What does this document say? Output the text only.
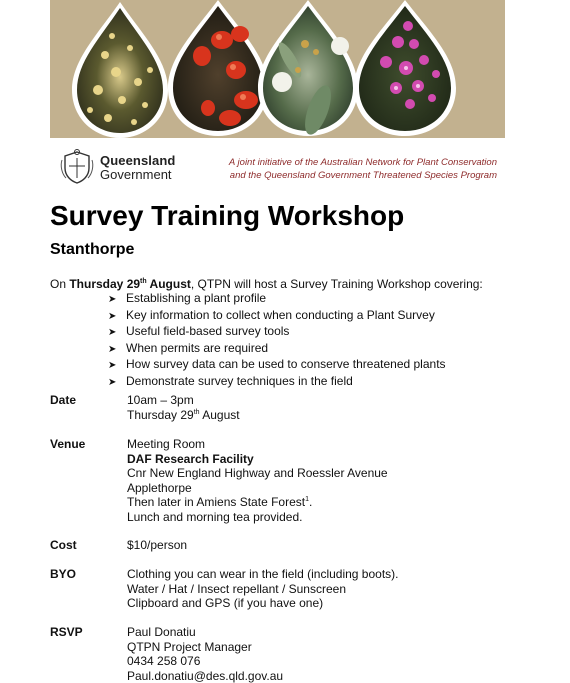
Queensland
Government
A joint initiative of the Australian Network for Plant Conservation
and the Queensland Government Threatened Species Program
Survey Training Workshop
Stanthorpe
On Thursday 29th August, QTPN will host a Survey Training Workshop covering:
➤ Establishing a plant profile
➤ Key information to collect when conducting a Plant Survey
➤ Useful field-based survey tools
➤ When permits are required
➤ How survey data can be used to conserve threatened plants
➤ Demonstrate survey techniques in the field
Date	10am – 3pm
Thursday 29th August
Venue	Meeting Room
DAF Research Facility
Cnr New England Highway and Roessler Avenue
Applethorpe
Then later in Amiens State Forest$^1$.
Lunch and morning tea provided.
Cost	$10/person
BYO	Clothing you can wear in the field (including boots).
Water / Hat / Insect repellant / Sunscreen
Clipboard and GPS (if you have one)
RSVP	Paul Donatiu
QTPN Project Manager
0434 258 076
Paul.donatiu@des.qld.gov.au
